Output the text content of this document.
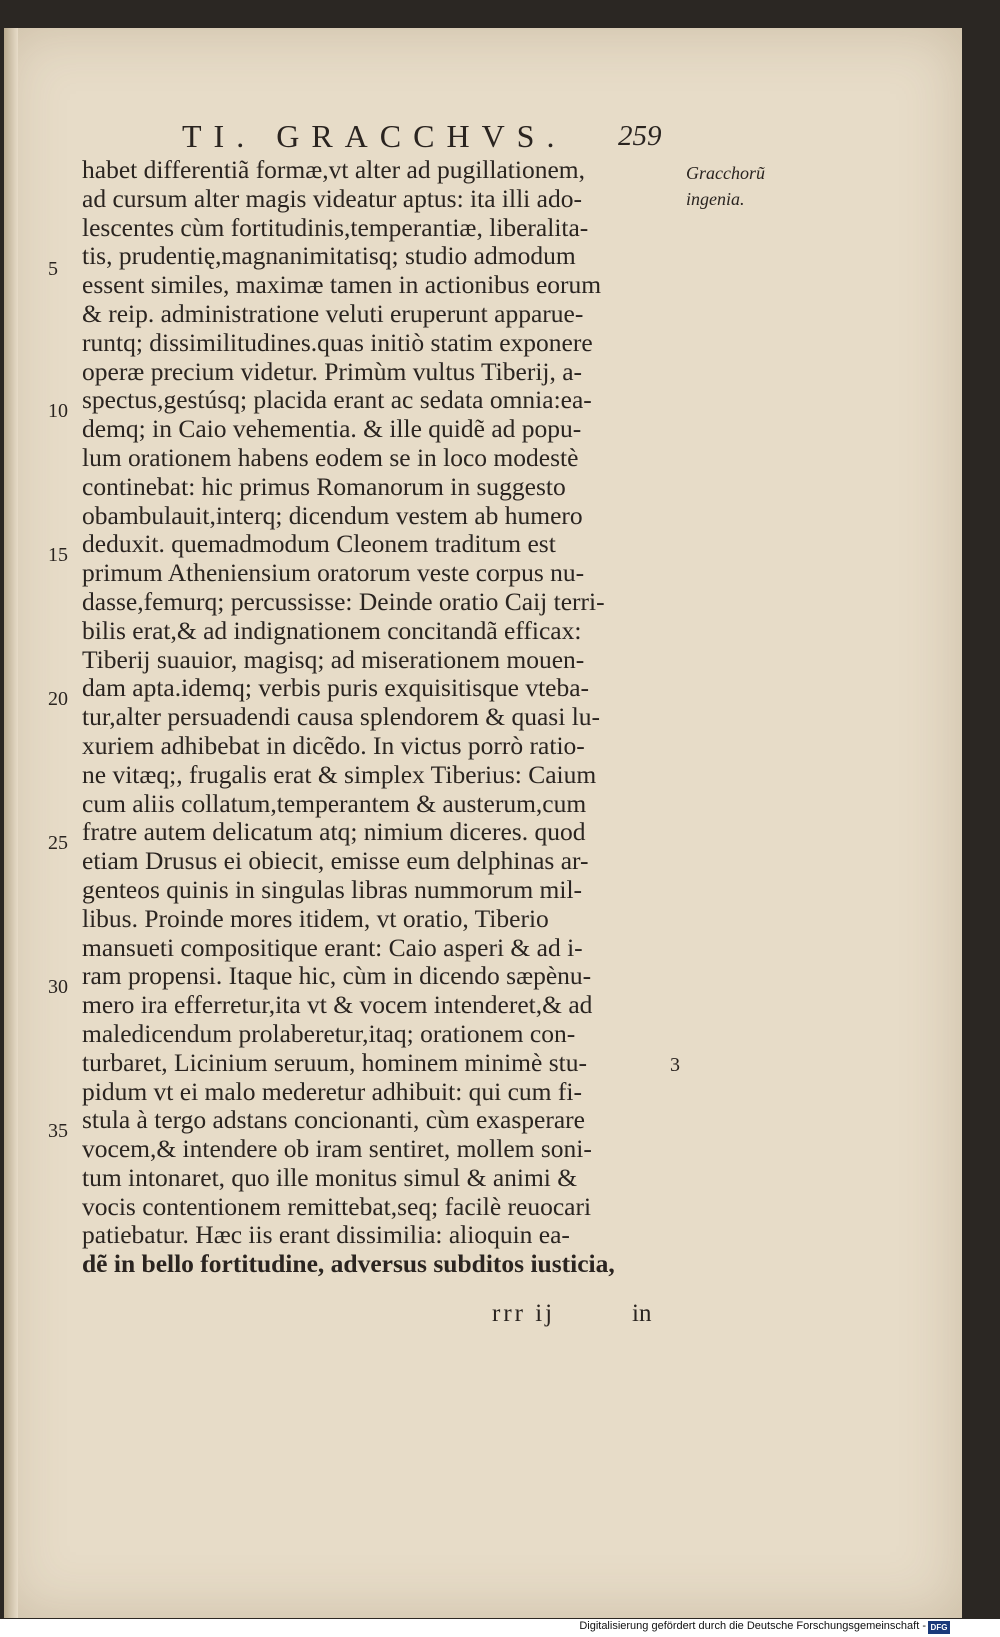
TI. GRACCHVS. 259
Gracchorũ
ingenia.
5
10
15
20
25
30
35
3
habet differentiã formæ,vt alter ad pugillationem,
ad cursum alter magis videatur aptus: ita illi ado-
lescentes cùm fortitudinis,temperantiæ, liberalita-
tis, prudentię,magnanimitatisq; studio admodum
essent similes, maximæ tamen in actionibus eorum
& reip. administratione veluti eruperunt apparue-
runtq; dissimilitudines.quas initiò statim exponere
operæ precium videtur. Primùm vultus Tiberij, a-
spectus,gestúsq; placida erant ac sedata omnia:ea-
demq; in Caio vehementia. & ille quidẽ ad popu-
lum orationem habens eodem se in loco modestè
continebat: hic primus Romanorum in suggesto
obambulauit,interq; dicendum vestem ab humero
deduxit. quemadmodum Cleonem traditum est
primum Atheniensium oratorum veste corpus nu-
dasse,femurq; percussisse: Deinde oratio Caij terri-
bilis erat,& ad indignationem concitandã efficax:
Tiberij suauior, magisq; ad miserationem mouen-
dam apta.idemq; verbis puris exquisitisque vteba-
tur,alter persuadendi causa splendorem & quasi lu-
xuriem adhibebat in dicẽdo. In victus porrò ratio-
ne vitæq;, frugalis erat & simplex Tiberius: Caium
cum aliis collatum,temperantem & austerum,cum
fratre autem delicatum atq; nimium diceres. quod
etiam Drusus ei obiecit, emisse eum delphinas ar-
genteos quinis in singulas libras nummorum mil-
libus. Proinde mores itidem, vt oratio, Tiberio
mansueti compositique erant: Caio asperi & ad i-
ram propensi. Itaque hic, cùm in dicendo sæpènu-
mero ira efferretur,ita vt & vocem intenderet,& ad
maledicendum prolaberetur,itaq; orationem con-
turbaret, Licinium seruum, hominem minimè stu-
pidum vt ei malo mederetur adhibuit: qui cum fi-
stula à tergo adstans concionanti, cùm exasperare
vocem,& intendere ob iram sentiret, mollem soni-
tum intonaret, quo ille monitus simul & animi &
vocis contentionem remittebat,seq; facilè reuocari
patiebatur. Hæc iis erant dissimilia: alioquin ea-
dẽ in bello fortitudine, adversus subditos iusticia,
rrr ij	in
Digitalisierung gefördert durch die Deutsche Forschungsgemeinschaft - DFG
